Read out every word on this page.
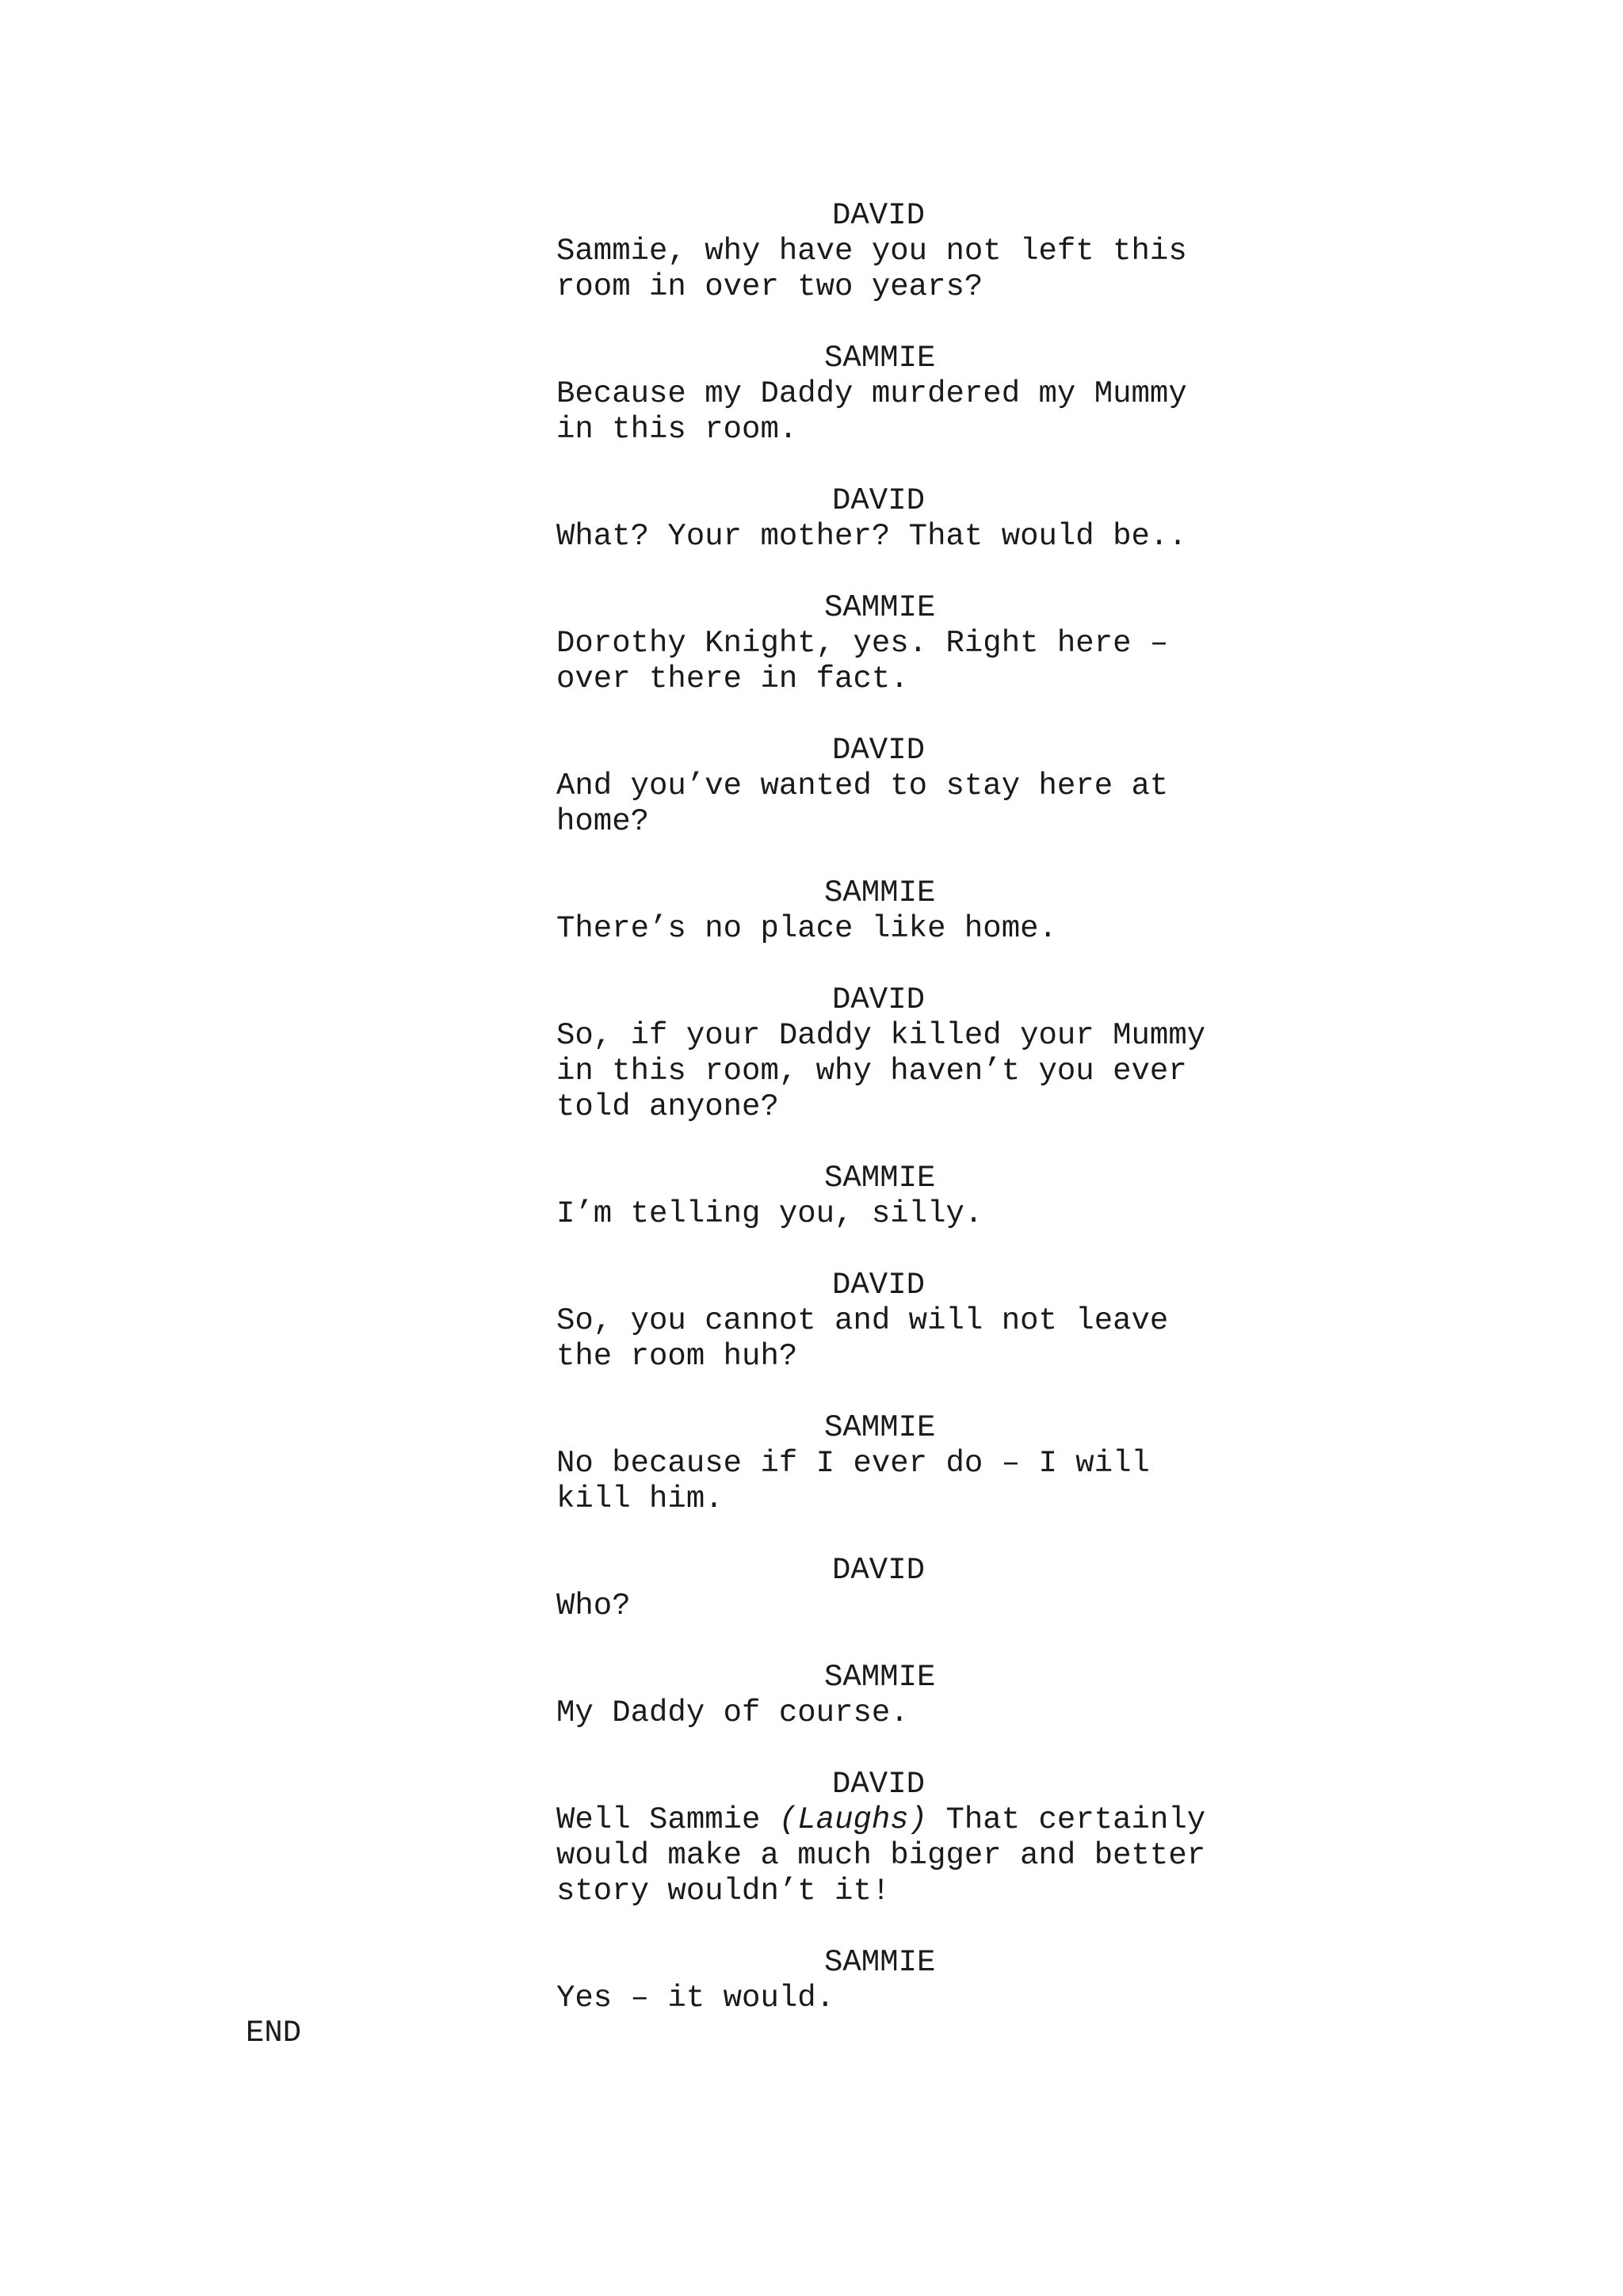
DAVID
Sammie, why have you not left this
room in over two years?
SAMMIE
Because my Daddy murdered my Mummy
in this room.
DAVID
What? Your mother? That would be..
SAMMIE
Dorothy Knight, yes. Right here –
over there in fact.
DAVID
And you’ve wanted to stay here at
home?
SAMMIE
There’s no place like home.
DAVID
So, if your Daddy killed your Mummy
in this room, why haven’t you ever
told anyone?
SAMMIE
I’m telling you, silly.
DAVID
So, you cannot and will not leave
the room huh?
SAMMIE
No because if I ever do – I will
kill him.
DAVID
Who?
SAMMIE
My Daddy of course.
DAVID
Well Sammie (Laughs) That certainly
would make a much bigger and better
story wouldn’t it!
SAMMIE
Yes – it would.
END
